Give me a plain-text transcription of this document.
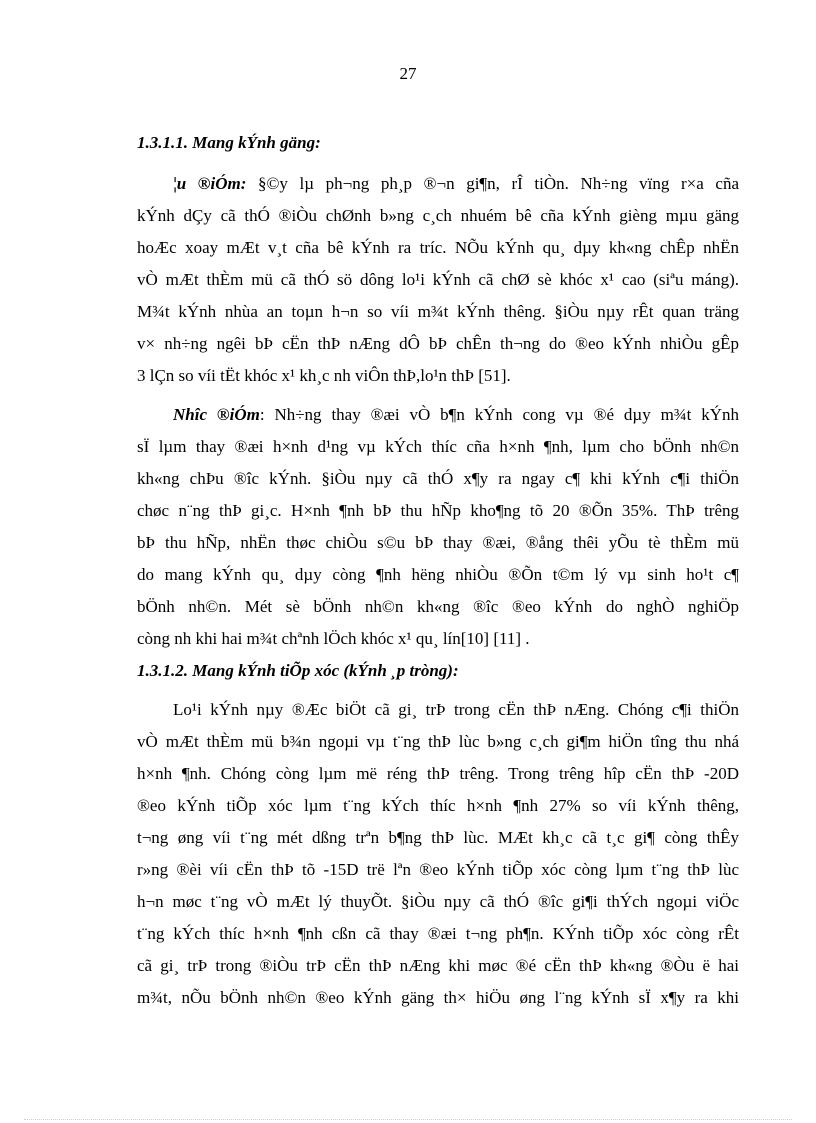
27
1.3.1.1. Mang kÝnh gäng:
¦u ®iÓm: §©y lµ ph¬ng ph¸p ®¬n gi¶n, rÎ tiÒn. Nh÷ng vïng r×a cña
kÝnh dÇy cã thÓ ®iÒu chØnh b»ng c¸ch nhuém bê cña kÝnh gièng mµu gäng
hoÆc xoay mÆt v¸t cña bê kÝnh ra tríc. NÕu kÝnh qu¸ dµy kh«ng chÊp nhËn
vÒ mÆt thÈm mü cã thÓ sö dông lo¹i kÝnh cã chØ sè khóc x¹ cao (siªu máng).
M¾t kÝnh nhùa an toµn h¬n so víi m¾t kÝnh thêng. §iÒu nµy rÊt quan träng
v× nh÷ng ngêi bÞ cËn thÞ nÆng dÔ bÞ chÊn th¬ng do ®eo kÝnh nhiÒu gÊp
3 lÇn so víi tËt khóc x¹ kh¸c nh viÔn thÞ,lo¹n thÞ [51].
Nhîc ®iÓm: Nh÷ng thay ®æi vÒ b¶n kÝnh cong vµ ®é dµy m¾t kÝnh
sÏ lµm thay ®æi h×nh d¹ng vµ kÝch thíc cña h×nh ¶nh, lµm cho bÖnh nh©n
kh«ng chÞu ®îc kÝnh. §iÒu nµy cã thÓ x¶y ra ngay c¶ khi kÝnh c¶i thiÖn
chøc n¨ng thÞ gi¸c. H×nh ¶nh bÞ thu hÑp kho¶ng tõ 20 ®Õn 35%. ThÞ trêng
bÞ thu hÑp, nhËn thøc chiÒu s©u bÞ thay ®æi, ®ång thêi yÕu tè thÈm mü
do mang kÝnh qu¸ dµy còng ¶nh hëng nhiÒu ®Õn t©m lý vµ sinh ho¹t c¶
bÖnh nh©n. Mét sè bÖnh nh©n kh«ng ®îc ®eo kÝnh do nghÒ nghiÖp
còng nh khi hai m¾t chªnh lÖch khóc x¹ qu¸ lín[10] [11] .
1.3.1.2. Mang kÝnh tiÕp xóc (kÝnh ¸p tròng):
Lo¹i kÝnh nµy ®Æc biÖt cã gi¸ trÞ trong cËn thÞ nÆng. Chóng c¶i thiÖn
vÒ mÆt thÈm mü b¾n ngoµi vµ t¨ng thÞ lùc b»ng c¸ch gi¶m hiÖn tîng thu nhá
h×nh ¶nh. Chóng còng lµm më réng thÞ trêng. Trong trêng hîp cËn thÞ -20D
®eo kÝnh tiÕp xóc lµm t¨ng kÝch thíc h×nh ¶nh 27% so víi kÝnh thêng,
t¬ng øng víi t¨ng mét dßng trªn b¶ng thÞ lùc. MÆt kh¸c cã t¸c gi¶ còng thÊy
r»ng ®èi víi cËn thÞ tõ -15D trë lªn ®eo kÝnh tiÕp xóc còng lµm t¨ng thÞ lùc
h¬n møc t¨ng vÒ mÆt lý thuyÕt. §iÒu nµy cã thÓ ®îc gi¶i thÝch ngoµi viÖc
t¨ng kÝch thíc h×nh ¶nh cßn cã thay ®æi t¬ng ph¶n. KÝnh tiÕp xóc còng rÊt
cã gi¸ trÞ trong ®iÒu trÞ cËn thÞ nÆng khi møc ®é cËn thÞ kh«ng ®Òu ë hai
m¾t, nÕu bÖnh nh©n ®eo kÝnh gäng th× hiÖu øng l¨ng kÝnh sÏ x¶y ra khi
